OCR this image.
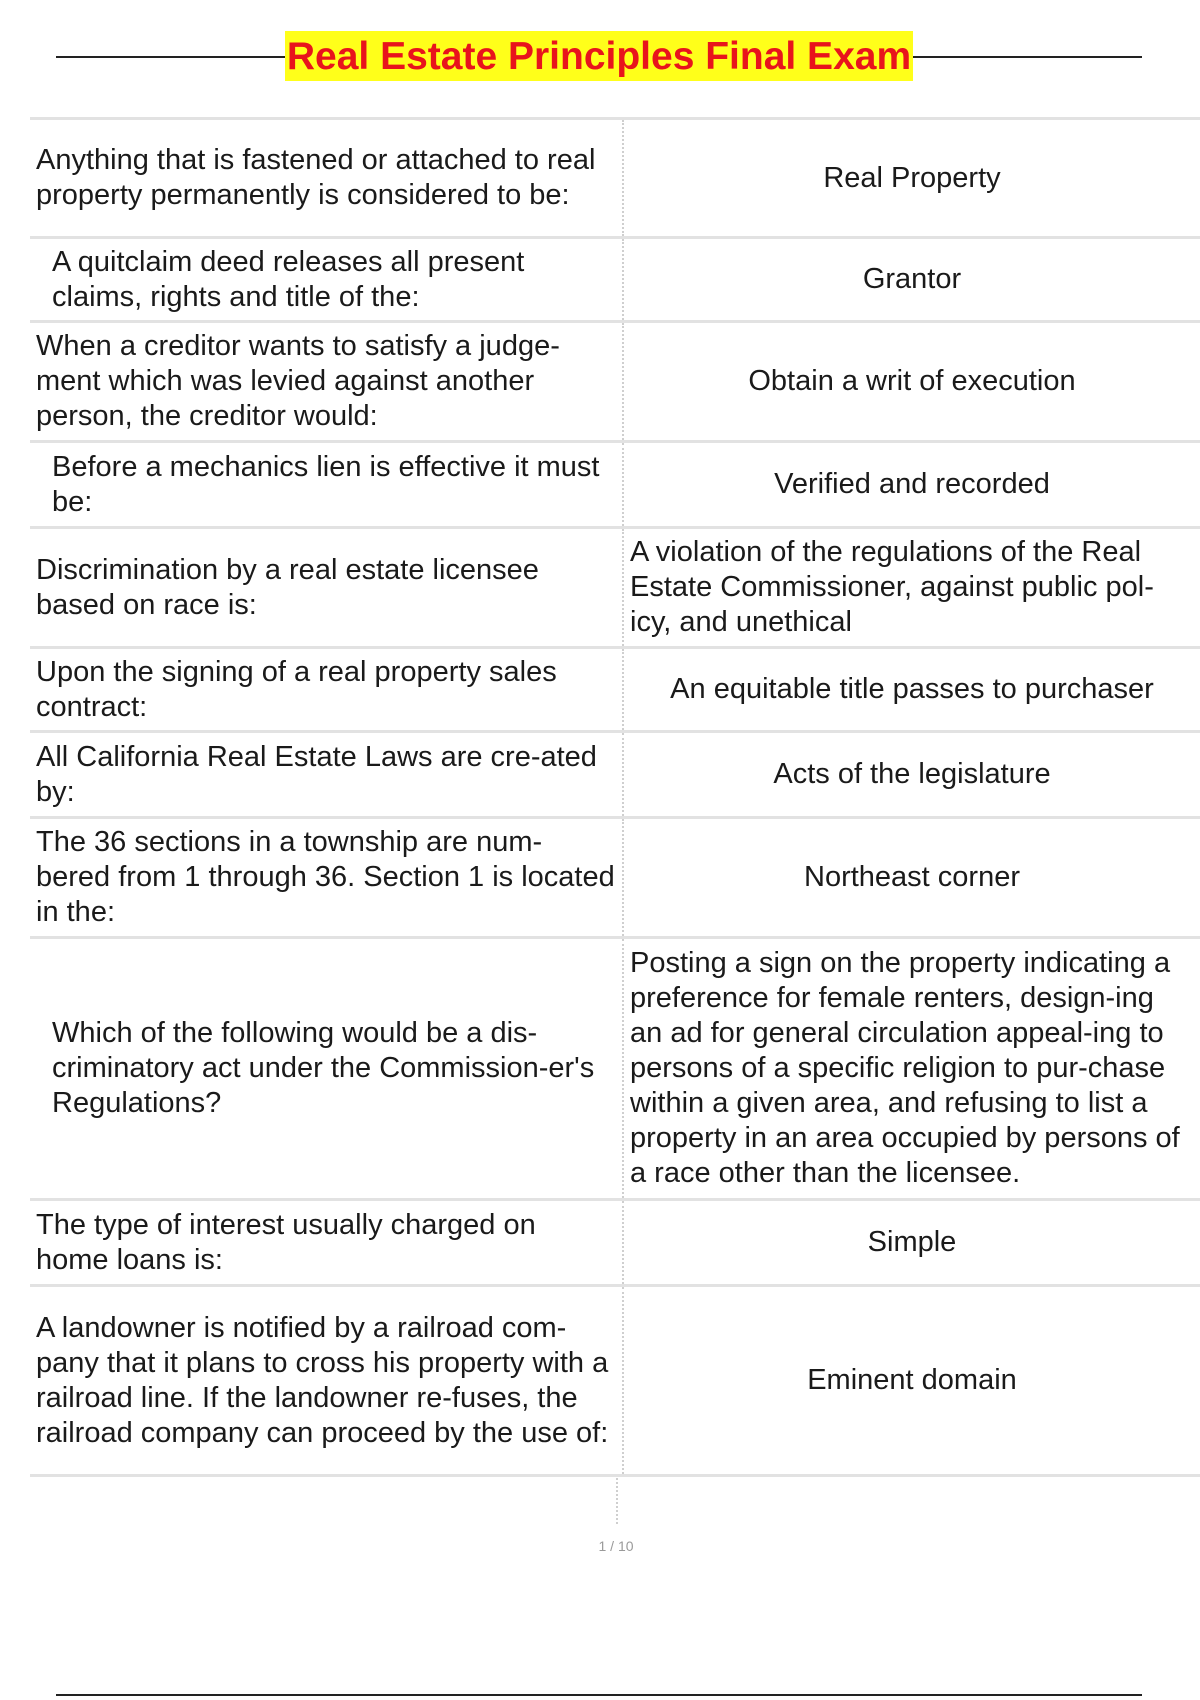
Real Estate Principles Final Exam
Anything that is fastened or attached to real property permanently is considered to be:	Real Property
A quitclaim deed releases all present claims, rights and title of the:	Grantor
When a creditor wants to satisfy a judge-ment which was levied against another person, the creditor would:	Obtain a writ of execution
Before a mechanics lien is effective it must be:	Verified and recorded
Discrimination by a real estate licensee based on race is:	A violation of the regulations of the Real Estate Commissioner, against public pol-icy, and unethical
Upon the signing of a real property sales contract:	An equitable title passes to purchaser
All California Real Estate Laws are cre-ated by:	Acts of the legislature
The 36 sections in a township are num-bered from 1 through 36. Section 1 is located in the:	Northeast corner
Which of the following would be a dis-criminatory act under the Commission-er's Regulations?	Posting a sign on the property indicating a preference for female renters, design-ing an ad for general circulation appeal-ing to persons of a specific religion to pur-chase within a given area, and refusing to list a property in an area occupied by persons of a race other than the licensee.
The type of interest usually charged on home loans is:	Simple
A landowner is notified by a railroad com-pany that it plans to cross his property with a railroad line. If the landowner re-fuses, the railroad company can proceed by the use of:	Eminent domain
1 / 10
